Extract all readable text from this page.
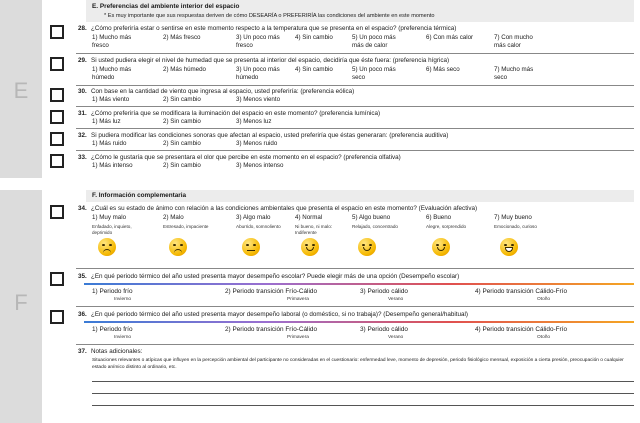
E
F
E. Preferencias del ambiente interior del espacio
* Es muy importante que sus respuestas deriven de cómo DESEARÍA o PREFERIRÍA las condiciones del ambiente en este momento
28. ¿Cómo preferiría estar o sentirse en este momento respecto a la temperatura que se presenta en el espacio? (preferencia térmica)
1) Mucho más
fresco
2) Más fresco	3) Un poco más
fresco
4) Sin cambio	5) Un poco más
más de calor
6) Con más calor	7) Con mucho
más calor
29. Si usted pudiera elegir el nivel de humedad que se presenta al interior del espacio, decidiría que éste fuera: (preferencia hígrica)
1) Mucho más
húmedo
2) Más húmedo	3) Un poco más
húmedo
4) Sin cambio	5) Un poco más
seco
6) Más seco	7) Mucho más
seco
30. Con base en la cantidad de viento que ingresa al espacio, usted preferiría: (preferencia eólica)
1) Más viento	2) Sin cambio	3) Menos viento
31. ¿Cómo preferiría que se modificara la iluminación del espacio en este momento? (preferencia lumínica)
1) Más luz	2) Sin cambio	3) Menos luz
32. Si pudiera modificar las condiciones sonoras que afectan al espacio, usted preferiría que éstas generaran: (preferencia auditiva)
1) Más ruido	2) Sin cambio	3) Menos ruido
33. ¿Cómo le gustaría que se presentara el olor que percibe en este momento en el espacio? (preferencia olfativa)
1) Más intenso	2) Sin cambio	3) Menos intenso
F. Información complementaria
34. ¿Cuál es su estado de ánimo con relación a las condiciones ambientales que presenta el espacio en este momento? (Evaluación afectiva)
1) Muy malo
Enfadado, inquieto,
deprimido
2) Malo
Estresado, impaciente
3) Algo malo
Aburrido, somnoliento
4) Normal
Ni bueno, ni malo:
Indiferente
5) Algo bueno
Relajado, concentrado
6) Bueno
Alegre, sorprendido
7) Muy bueno
Emocionado, curioso
35. ¿En qué periodo térmico del año usted presenta mayor desempeño escolar? Puede elegir más de una opción (Desempeño escolar)
1) Periodo frío
Invierno
2) Periodo transición Frío-Cálido
Primavera
3) Periodo cálido
Verano
4) Periodo transición Cálido-Frío
Otoño
36. ¿En qué periodo térmico del año usted presenta mayor desempeño laboral (o doméstico, si no trabaja)? (Desempeño general/habitual)
1) Periodo frío
Invierno
2) Periodo transición Frío-Cálido
Primavera
3) Periodo cálido
Verano
4) Periodo transición Cálido-Frío
Otoño
37. Notas adicionales:
Situaciones relevantes o atípicas que influyen en la percepción ambiental del participante no consideradas en el cuestionario: enfermedad leve, momento de depresión, periodo fisiológico mensual, exposición a cierta presión, preocupación o cualquier estado anímico distinto al ordinario, etc.
